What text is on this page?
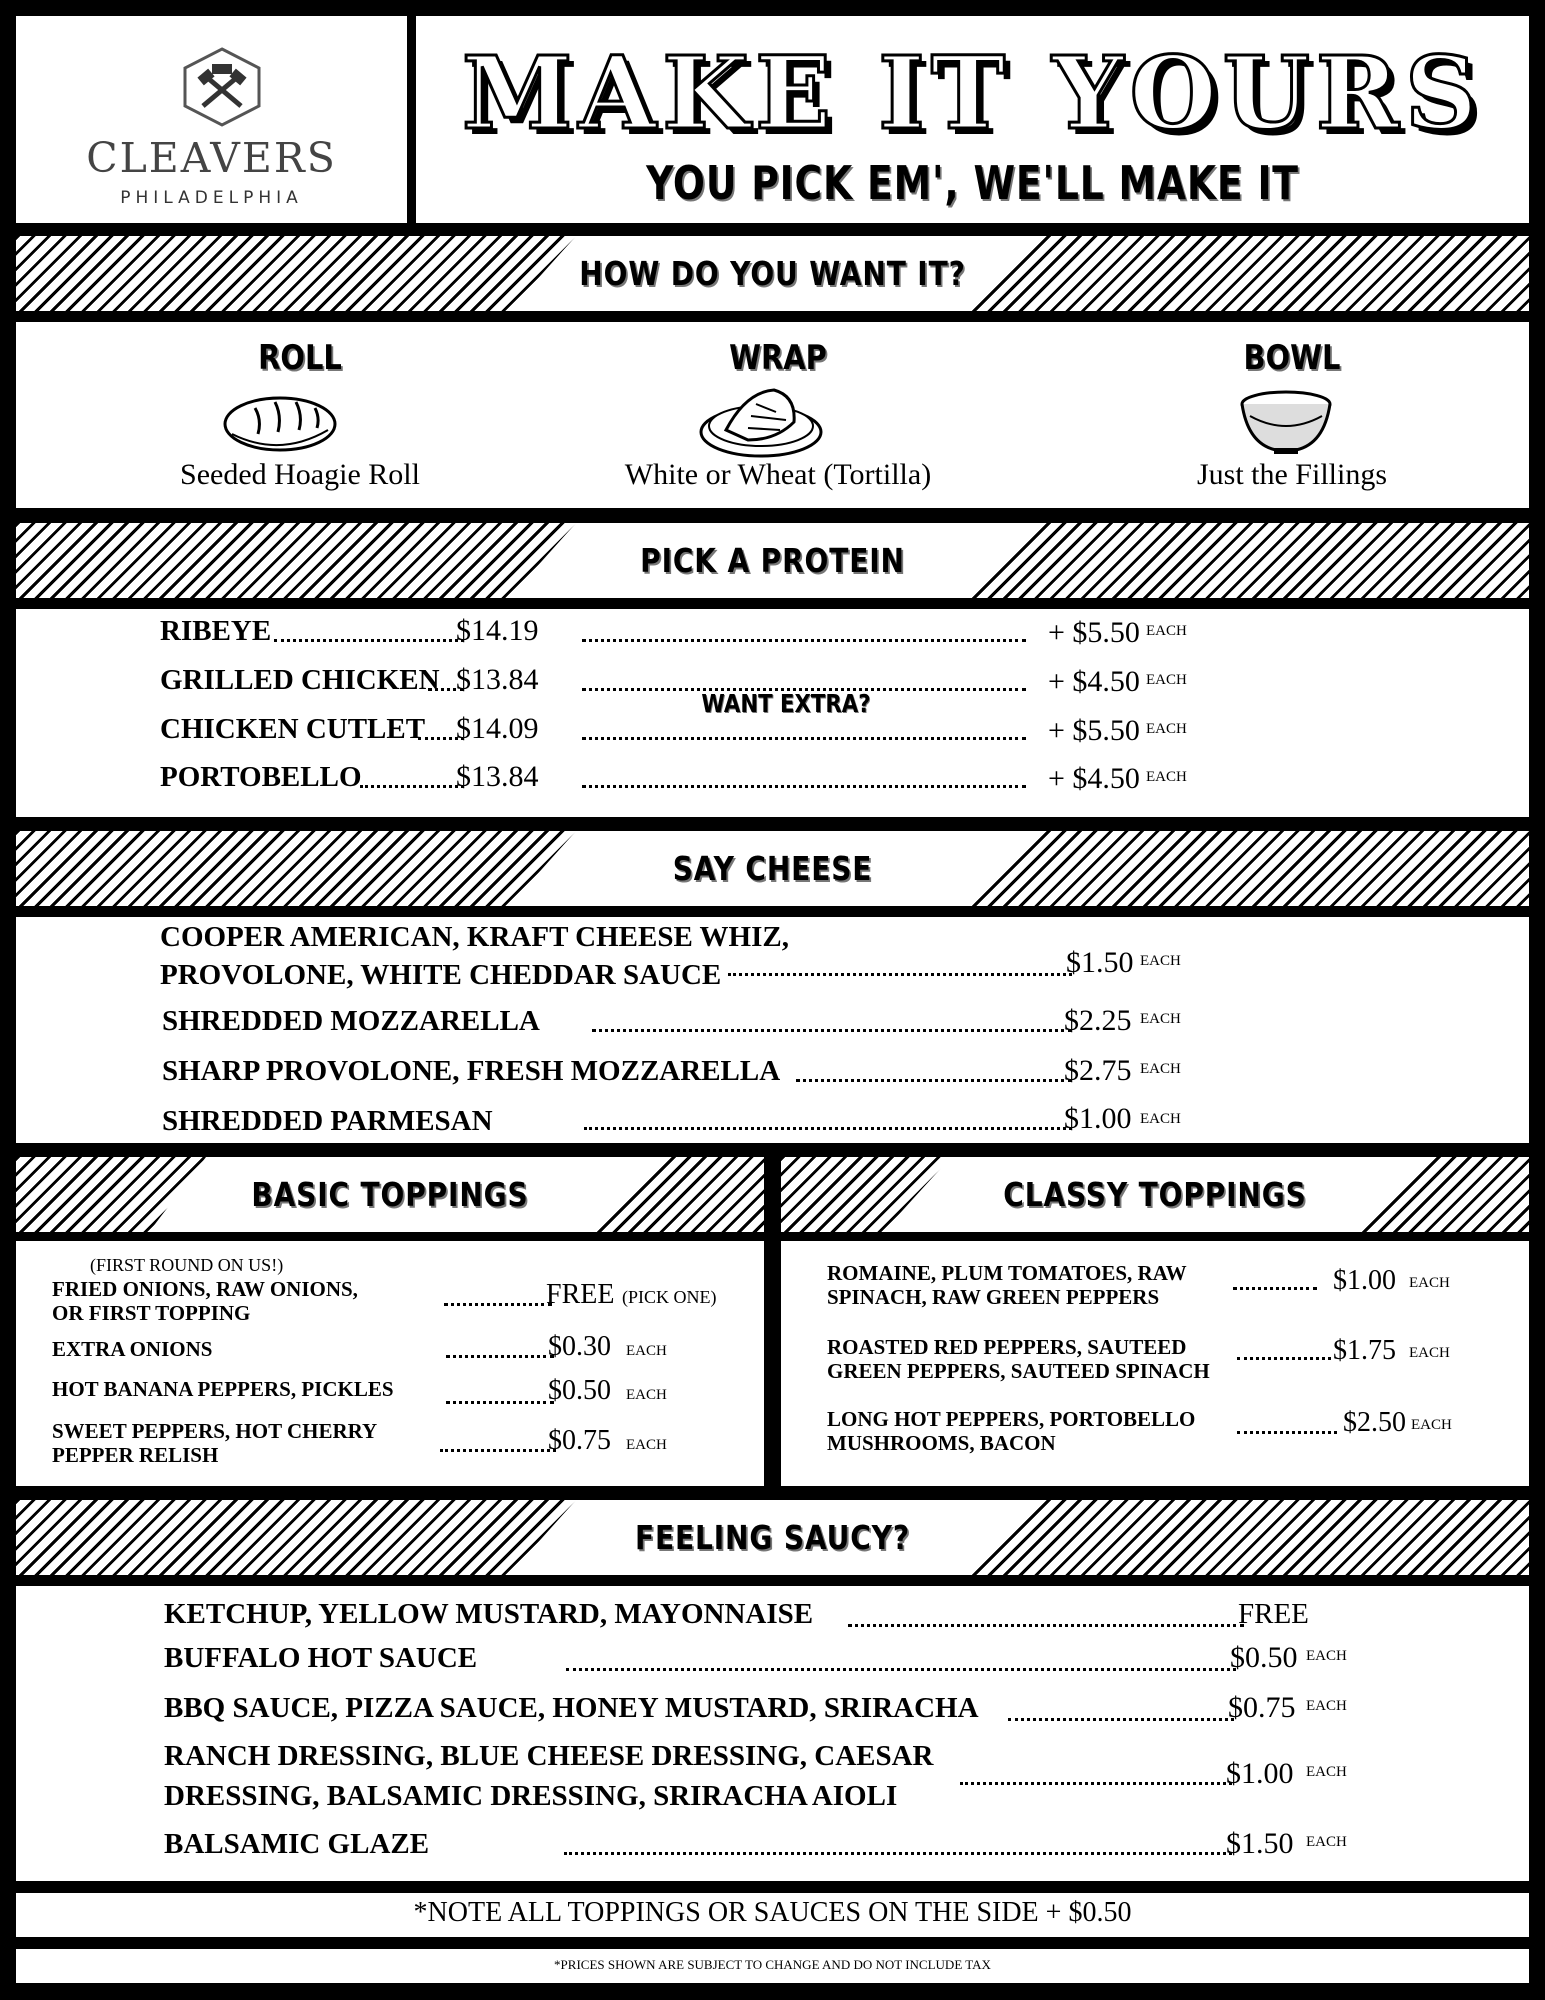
CLEAVERS
PHILADELPHIA
MAKE IT YOURS
YOU PICK EM', WE'LL MAKE IT
HOW DO YOU WANT IT?
ROLL
Seeded Hoagie Roll
WRAP
White or Wheat (Tortilla)
BOWL
Just the Fillings
PICK A PROTEIN
RIBEYE	$14.19	+ $5.50 EACH
GRILLED CHICKEN $13.84	+ $4.50 EACH
WANT EXTRA?
CHICKEN CUTLET $14.09	+ $5.50 EACH
PORTOBELLO	$13.84	+ $4.50 EACH
SAY CHEESE
COOPER AMERICAN, KRAFT CHEESE WHIZ,
PROVOLONE, WHITE CHEDDAR SAUCE	$1.50 EACH
SHREDDED MOZZARELLA	$2.25 EACH
SHARP PROVOLONE, FRESH MOZZARELLA	$2.75 EACH
SHREDDED PARMESAN	$1.00 EACH
BASIC TOPPINGS
(FIRST ROUND ON US!)
FRIED ONIONS, RAW ONIONS,
OR FIRST TOPPING
FREE (PICK ONE)
EXTRA ONIONS	$0.30 EACH
HOT BANANA PEPPERS, PICKLES	$0.50 EACH
SWEET PEPPERS, HOT CHERRY
PEPPER RELISH	$0.75 EACH
CLASSY TOPPINGS
ROMAINE, PLUM TOMATOES, RAW
SPINACH, RAW GREEN PEPPERS
$1.00 EACH
ROASTED RED PEPPERS, SAUTEED
GREEN PEPPERS, SAUTEED SPINACH
$1.75 EACH
LONG HOT PEPPERS, PORTOBELLO
MUSHROOMS, BACON
$2.50 EACH
FEELING SAUCY?
KETCHUP, YELLOW MUSTARD, MAYONNAISE	FREE
BUFFALO HOT SAUCE	$0.50 EACH
BBQ SAUCE, PIZZA SAUCE, HONEY MUSTARD, SRIRACHA	$0.75 EACH
RANCH DRESSING, BLUE CHEESE DRESSING, CAESAR
DRESSING, BALSAMIC DRESSING, SRIRACHA AIOLI
$1.00 EACH
BALSAMIC GLAZE	$1.50 EACH
*NOTE ALL TOPPINGS OR SAUCES ON THE SIDE + $0.50
*PRICES SHOWN ARE SUBJECT TO CHANGE AND DO NOT INCLUDE TAX
